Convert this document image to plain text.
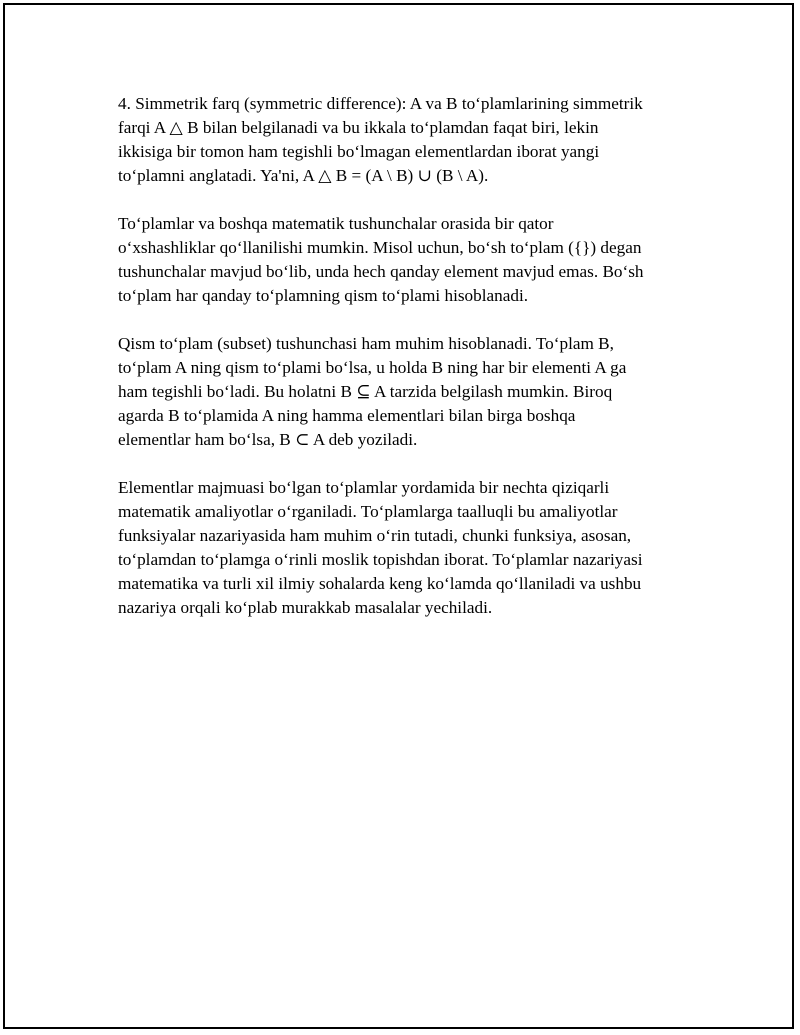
4. Simmetrik farq (symmetric difference): A va B to‘plamlarining simmetrik
farqi A △ B bilan belgilanadi va bu ikkala to‘plamdan faqat biri, lekin
ikkisiga bir tomon ham tegishli bo‘lmagan elementlardan iborat yangi
to‘plamni anglatadi. Ya'ni, A △ B = (A \ B) ∪ (B \ A).

To‘plamlar va boshqa matematik tushunchalar orasida bir qator
o‘xshashliklar qo‘llanilishi mumkin. Misol uchun, bo‘sh to‘plam ({}) degan
tushunchalar mavjud bo‘lib, unda hech qanday element mavjud emas. Bo‘sh
to‘plam har qanday to‘plamning qism to‘plami hisoblanadi.

Qism to‘plam (subset) tushunchasi ham muhim hisoblanadi. To‘plam B,
to‘plam A ning qism to‘plami bo‘lsa, u holda B ning har bir elementi A ga
ham tegishli bo‘ladi. Bu holatni B ⊆ A tarzida belgilash mumkin. Biroq
agarda B to‘plamida A ning hamma elementlari bilan birga boshqa
elementlar ham bo‘lsa, B ⊂ A deb yoziladi.

Elementlar majmuasi bo‘lgan to‘plamlar yordamida bir nechta qiziqarli
matematik amaliyotlar o‘rganiladi. To‘plamlarga taalluqli bu amaliyotlar
funksiyalar nazariyasida ham muhim o‘rin tutadi, chunki funksiya, asosan,
to‘plamdan to‘plamga o‘rinli moslik topishdan iborat. To‘plamlar nazariyasi
matematika va turli xil ilmiy sohalarda keng ko‘lamda qo‘llaniladi va ushbu
nazariya orqali ko‘plab murakkab masalalar yechiladi.
